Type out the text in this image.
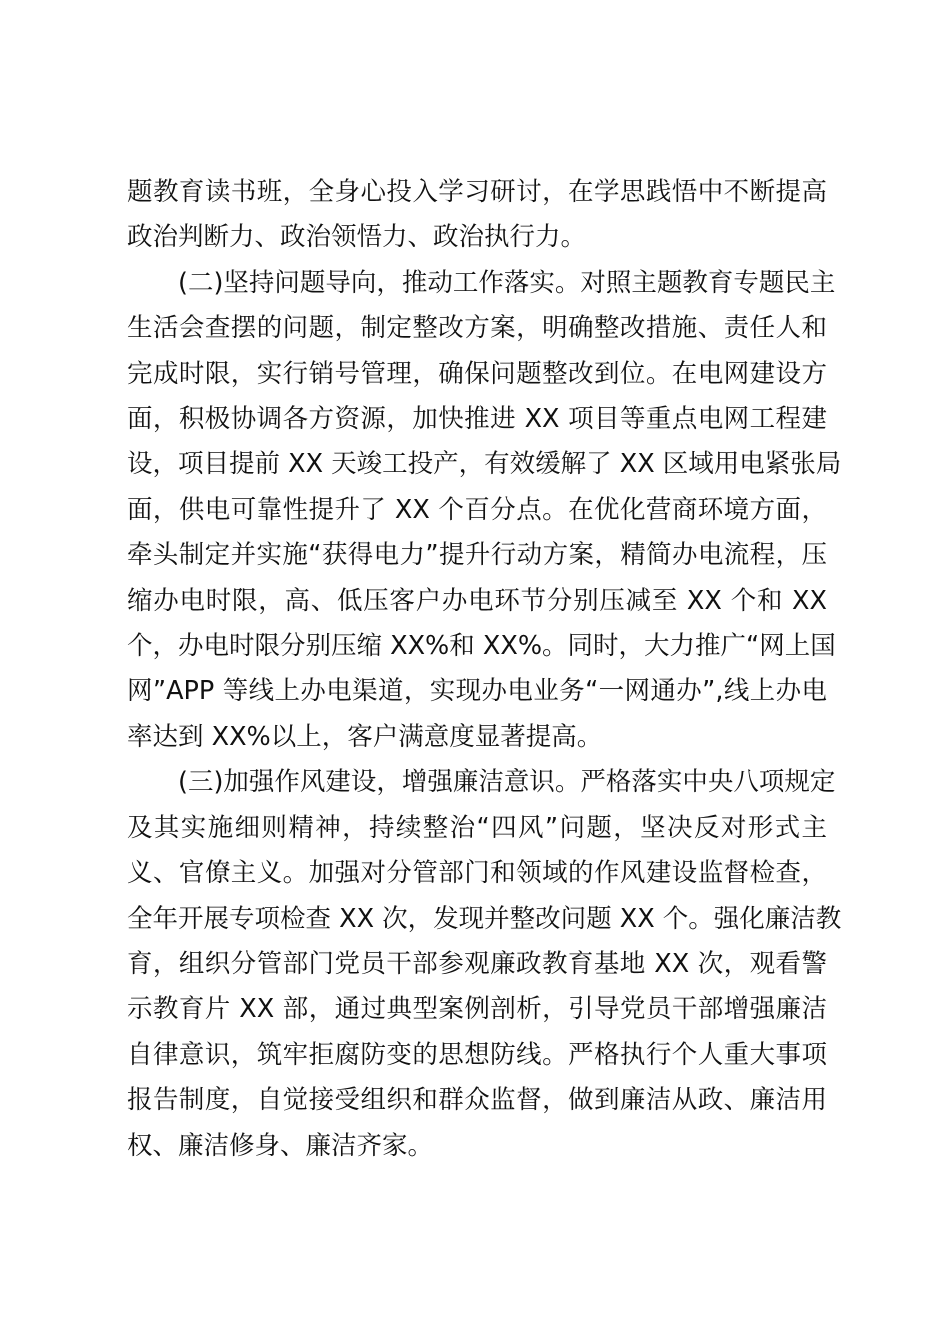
题教育读书班，全身心投入学习研讨，在学思践悟中不断提高
政治判断力、政治领悟力、政治执行力。
(二)坚持问题导向，推动工作落实。对照主题教育专题民主
生活会查摆的问题，制定整改方案，明确整改措施、责任人和
完成时限，实行销号管理，确保问题整改到位。在电网建设方
面，积极协调各方资源，加快推进 XX 项目等重点电网工程建
设，项目提前 XX 天竣工投产，有效缓解了 XX 区域用电紧张局
面，供电可靠性提升了 XX 个百分点。在优化营商环境方面，
牵头制定并实施“获得电力”提升行动方案，精简办电流程，压
缩办电时限，高、低压客户办电环节分别压减至 XX 个和 XX
个，办电时限分别压缩 XX%和 XX%。同时，大力推广“网上国
网”APP 等线上办电渠道，实现办电业务“一网通办”,线上办电
率达到 XX%以上，客户满意度显著提高。
(三)加强作风建设，增强廉洁意识。严格落实中央八项规定
及其实施细则精神，持续整治“四风”问题，坚决反对形式主
义、官僚主义。加强对分管部门和领域的作风建设监督检查，
全年开展专项检查 XX 次，发现并整改问题 XX 个。强化廉洁教
育，组织分管部门党员干部参观廉政教育基地 XX 次，观看警
示教育片 XX 部，通过典型案例剖析，引导党员干部增强廉洁
自律意识，筑牢拒腐防变的思想防线。严格执行个人重大事项
报告制度，自觉接受组织和群众监督，做到廉洁从政、廉洁用
权、廉洁修身、廉洁齐家。
